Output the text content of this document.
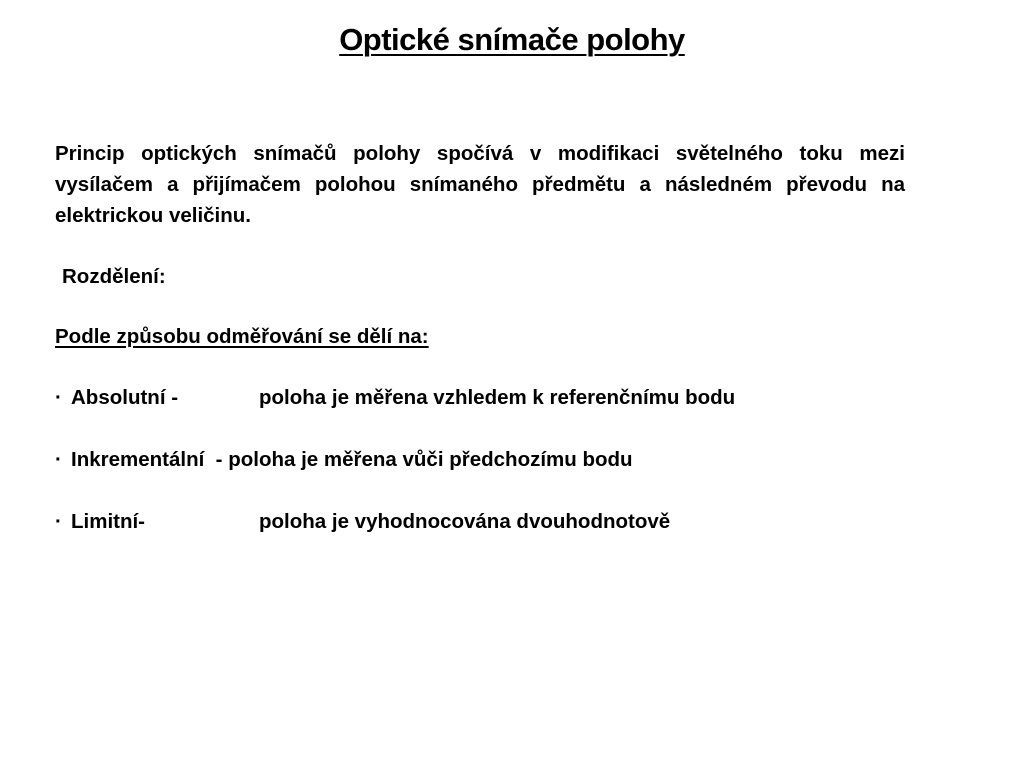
Optické snímače polohy
Princip optických snímačů polohy spočívá v modifikaci světelného toku mezi vysílačem a přijímačem polohou snímaného předmětu a následném převodu na elektrickou veličinu.
Rozdělení:
Podle způsobu odměřování se dělí na:
· Absolutní -	poloha je měřena vzhledem k referenčnímu bodu
· Inkrementální  - poloha je měřena vůči předchozímu bodu
· Limitní-	poloha je vyhodnocována dvouhodnotově
